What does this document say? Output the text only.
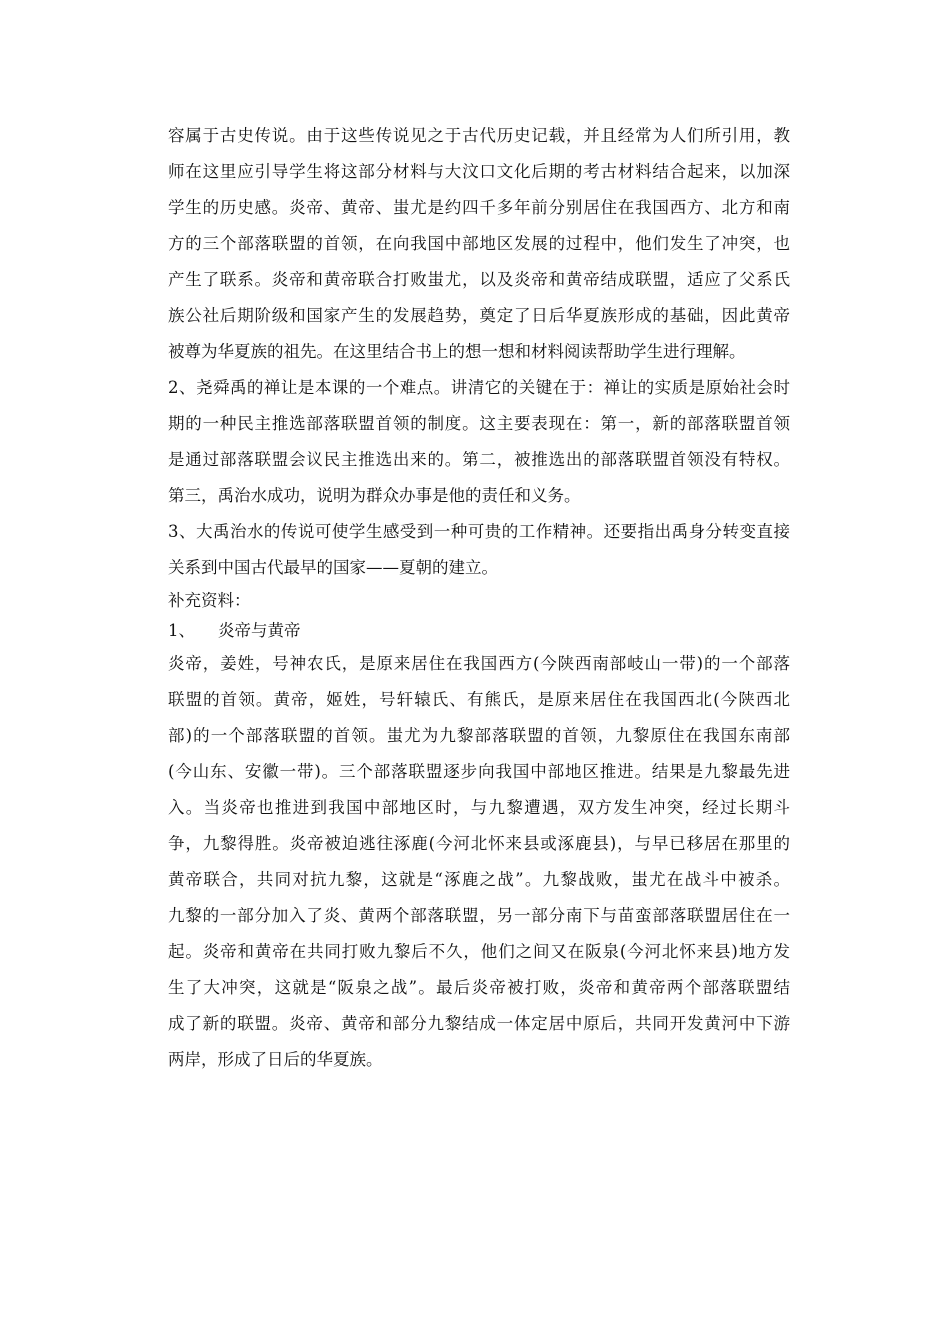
容属于古史传说。由于这些传说见之于古代历史记载，并且经常为人们所引用，教
师在这里应引导学生将这部分材料与大汶口文化后期的考古材料结合起来，以加深
学生的历史感。炎帝、黄帝、蚩尤是约四千多年前分别居住在我国西方、北方和南
方的三个部落联盟的首领，在向我国中部地区发展的过程中，他们发生了冲突，也
产生了联系。炎帝和黄帝联合打败蚩尤，以及炎帝和黄帝结成联盟，适应了父系氏
族公社后期阶级和国家产生的发展趋势，奠定了日后华夏族形成的基础，因此黄帝
被尊为华夏族的祖先。在这里结合书上的想一想和材料阅读帮助学生进行理解。
2、尧舜禹的禅让是本课的一个难点。讲清它的关键在于：禅让的实质是原始社会时
期的一种民主推选部落联盟首领的制度。这主要表现在：第一，新的部落联盟首领
是通过部落联盟会议民主推选出来的。第二，被推选出的部落联盟首领没有特权。
第三，禹治水成功，说明为群众办事是他的责任和义务。
3、大禹治水的传说可使学生感受到一种可贵的工作精神。还要指出禹身分转变直接
关系到中国古代最早的国家——夏朝的建立。
补充资料：
1、 炎帝与黄帝
炎帝，姜姓，号神农氏，是原来居住在我国西方(今陕西南部岐山一带)的一个部落
联盟的首领。黄帝，姬姓，号轩辕氏、有熊氏，是原来居住在我国西北(今陕西北
部)的一个部落联盟的首领。蚩尤为九黎部落联盟的首领，九黎原住在我国东南部
(今山东、安徽一带)。三个部落联盟逐步向我国中部地区推进。结果是九黎最先进
入。当炎帝也推进到我国中部地区时，与九黎遭遇，双方发生冲突，经过长期斗
争，九黎得胜。炎帝被迫逃往涿鹿(今河北怀来县或涿鹿县)，与早已移居在那里的
黄帝联合，共同对抗九黎，这就是“涿鹿之战”。九黎战败，蚩尤在战斗中被杀。
九黎的一部分加入了炎、黄两个部落联盟，另一部分南下与苗蛮部落联盟居住在一
起。炎帝和黄帝在共同打败九黎后不久，他们之间又在阪泉(今河北怀来县)地方发
生了大冲突，这就是“阪泉之战”。最后炎帝被打败，炎帝和黄帝两个部落联盟结
成了新的联盟。炎帝、黄帝和部分九黎结成一体定居中原后，共同开发黄河中下游
两岸，形成了日后的华夏族。
